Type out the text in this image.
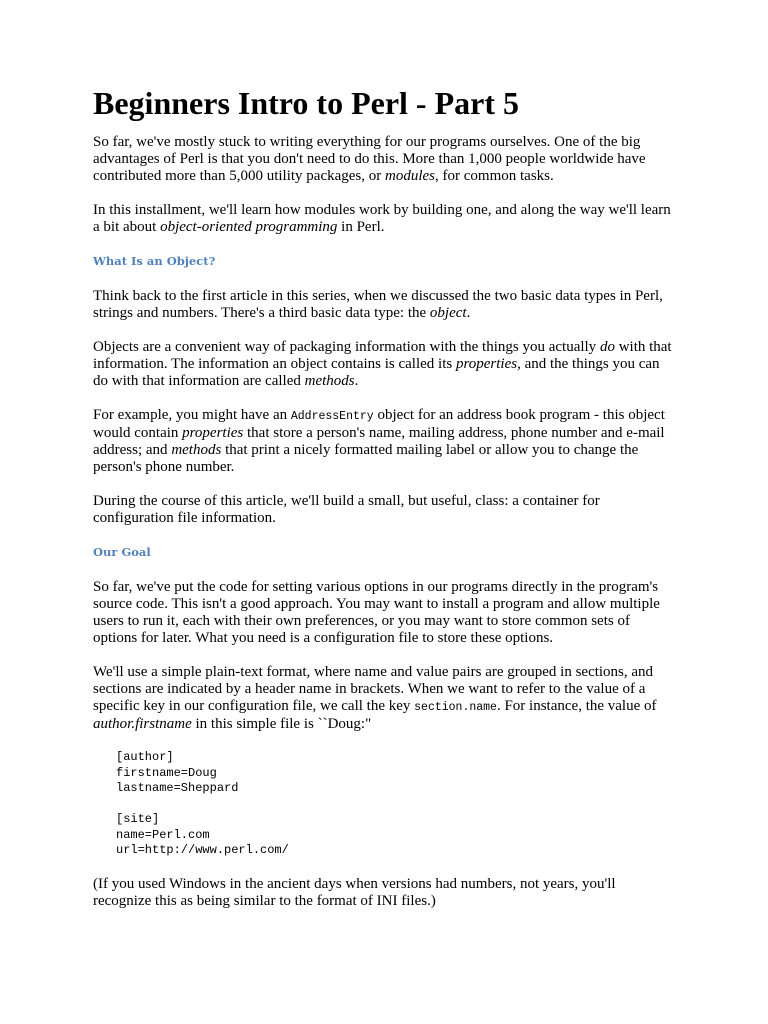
Beginners Intro to Perl - Part 5

So far, we've mostly stuck to writing everything for our programs ourselves. One of the big advantages of Perl is that you don't need to do this. More than 1,000 people worldwide have contributed more than 5,000 utility packages, or modules, for common tasks.

In this installment, we'll learn how modules work by building one, and along the way we'll learn a bit about object-oriented programming in Perl.

What Is an Object?

Think back to the first article in this series, when we discussed the two basic data types in Perl, strings and numbers. There's a third basic data type: the object.

Objects are a convenient way of packaging information with the things you actually do with that information. The information an object contains is called its properties, and the things you can do with that information are called methods.

For example, you might have an AddressEntry object for an address book program - this object would contain properties that store a person's name, mailing address, phone number and e-mail address; and methods that print a nicely formatted mailing label or allow you to change the person's phone number.

During the course of this article, we'll build a small, but useful, class: a container for configuration file information.

Our Goal

So far, we've put the code for setting various options in our programs directly in the program's source code. This isn't a good approach. You may want to install a program and allow multiple users to run it, each with their own preferences, or you may want to store common sets of options for later. What you need is a configuration file to store these options.

We'll use a simple plain-text format, where name and value pairs are grouped in sections, and sections are indicated by a header name in brackets. When we want to refer to the value of a specific key in our configuration file, we call the key section.name. For instance, the value of author.firstname in this simple file is ``Doug:"

[author]
firstname=Doug
lastname=Sheppard

[site]
name=Perl.com
url=http://www.perl.com/

(If you used Windows in the ancient days when versions had numbers, not years, you'll recognize this as being similar to the format of INI files.)
